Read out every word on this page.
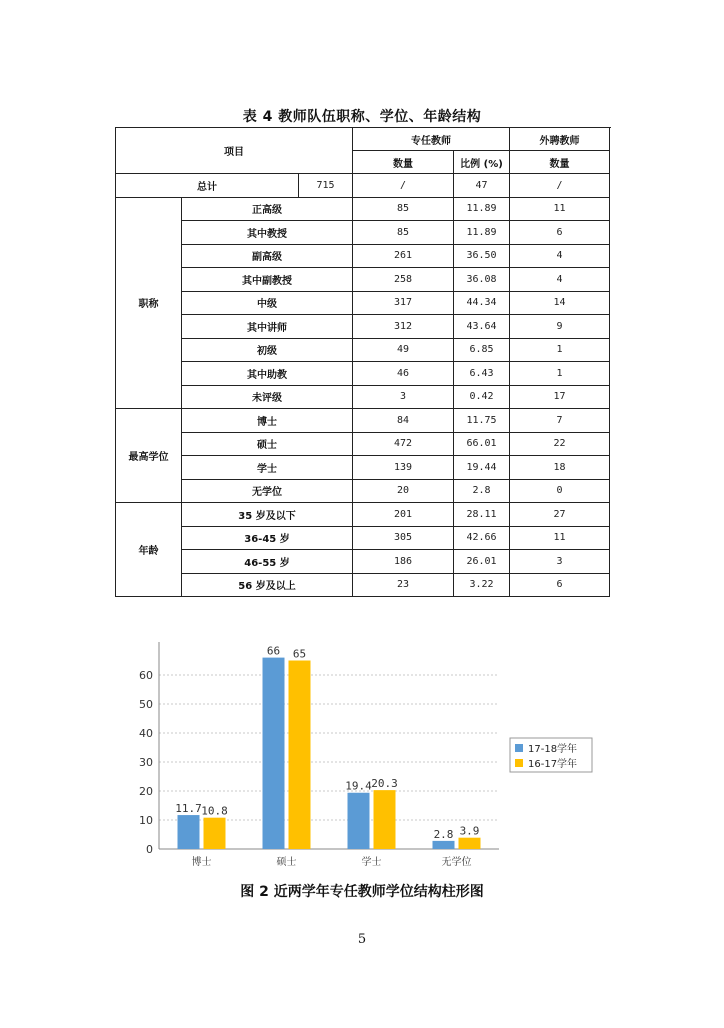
表 4 教师队伍职称、学位、年龄结构
项目			专任教师		外聘教师	
			数量	比例 (%)	数量	
总计		715	/	47	/	
职称	正高级		85	11.89	11	
	其中教授		85	11.89	6	
	副高级		261	36.50	4	
	其中副教授		258	36.08	4	
	中级		317	44.34	14	
	其中讲师		312	43.64	9	
	初级		49	6.85	1	
	其中助教		46	6.43	1	
	未评级		3	0.42	17	
最高学位	博士		84	11.75	7	
	硕士		472	66.01	22	
	学士		139	19.44	18	
	无学位		20	2.8	0	
年龄	35 岁及以下		201	28.11	27	
	36-45 岁		305	42.66	11	
	46-55 岁		186	26.01	3	
	56 岁及以上		23	3.22	6	
0
10
20
30
40
50
60
11.7 10.8
博士
66 65
硕士
19.4 20.3
学士
2.8 3.9
无学位
17-18学年
16-17学年
图 2 近两学年专任教师学位结构柱形图
5
